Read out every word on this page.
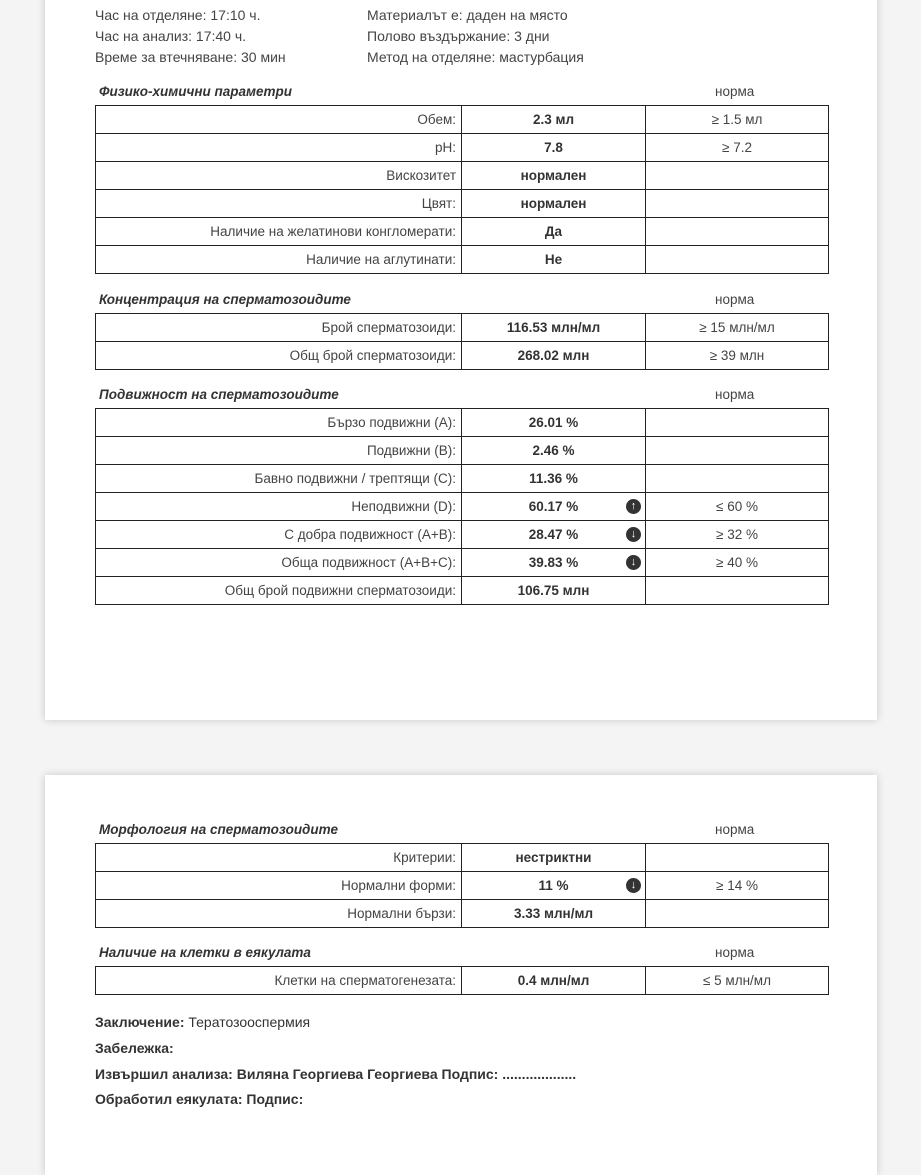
Час на отделяне: 17:10 ч.
Час на анализ: 17:40 ч.
Време за втечняване: 30 мин
Материалът е: даден на място
Полово въздържание: 3 дни
Метод на отделяне: мастурбация
Физико-химични параметри	норма
Обем:	2.3 мл	≥ 1.5 мл
pH:	7.8	≥ 7.2
Вискозитет	нормален	
Цвят:	нормален	
Наличие на желатинови конгломерати:	Да	
Наличие на аглутинати:	Не	
Концентрация на сперматозоидите	норма
Брой сперматозоиди:	116.53 млн/мл	≥ 15 млн/мл
Общ брой сперматозоиди:	268.02 млн	≥ 39 млн
Подвижност на сперматозоидите	норма
Бързо подвижни (A):	26.01 %	
Подвижни (B):	2.46 %	
Бавно подвижни / трептящи (C):	11.36 %	
Неподвижни (D):	60.17 % ↑	≤ 60 %
С добра подвижност (A+B):	28.47 % ↓	≥ 32 %
Обща подвижност (A+B+C):	39.83 % ↓	≥ 40 %
Общ брой подвижни сперматозоиди:	106.75 млн	
Морфология на сперматозоидите	норма
Критерии:	нестриктни	
Нормални форми:	11 % ↓	≥ 14 %
Нормални бързи:	3.33 млн/мл	
Наличие на клетки в еякулата	норма
Клетки на сперматогенезата:	0.4 млн/мл	≤ 5 млн/мл
Заключение: Тератозооспермия
Забележка:
Извършил анализа: Виляна Георгиева Георгиева Подпис: ...................
Обработил еякулата: Подпис:
